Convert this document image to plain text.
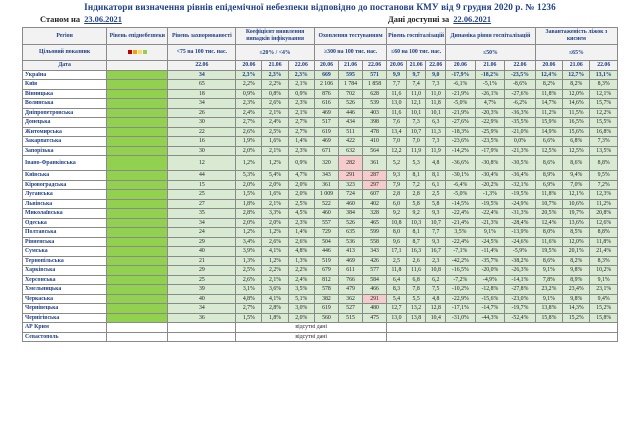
Індикатори визначення рівнів епідемічної небезпеки відповідно до постанови КМУ від 9 грудня 2020 р. № 1236
Станом на 23.06.2021	Дані доступні за 22.06.2021
Регіон	Рівень епіднебезпеки	Рівень захворюваності	Коефіцієнт виявлення випадків інфікування			Охоплення тестуванням			Рівень госпіталізацій			Динаміка рівня госпіталізацій			Завантаженість ліжок з киснем		
Цільовий показник		<75 на 100 тис. нас.	≤20% / <4%			≥300 на 100 тис. нас.			≤60 на 100 тис. нас.			≤50%			≤65%		
Дата		22.06	20.06	21.06	22.06	20.06	21.06	22.06	20.06	21.06	22.06	20.06	21.06	22.06	20.06	21.06	22.06
Україна		34	2,3%	2,3%	2,3%	669	595	571	9,9	9,7	9,0	-17,9%	-18,2%	-23,5%	12,4%	12,7%	13,1%
Київ		65	2,2%	2,2%	2,1%	2 106	1 784	1 858	7,7	7,4	7,3	-6,1%	-5,1%	-8,6%	8,2%	8,2%	8,3%
Вінницька		18	0,9%	0,8%	0,9%	876	702	628	11,6	11,0	11,0	-21,9%	-26,1%	-27,6%	11,8%	12,0%	12,1%
Волинська		34	2,3%	2,6%	2,3%	616	526	539	13,0	12,1	11,8	-5,0%	4,7%	-6,2%	14,7%	14,6%	15,7%
Дніпропетровська		26	2,4%	2,1%	2,1%	469	446	403	11,6	10,1	10,1	-21,9%	-20,3%	-36,3%	11,2%	11,5%	12,2%
Донецька		30	2,7%	2,4%	2,7%	517	434	398	7,6	7,3	6,3	-27,6%	-22,9%	-35,5%	15,9%	16,5%	15,5%
Житомирська		22	2,6%	2,5%	2,7%	619	511	478	13,4	10,7	11,3	-18,3%	-25,9%	-21,0%	14,9%	15,6%	16,8%
Закарпатська		16	1,9%	1,6%	1,4%	469	422	410	7,0	7,0	7,3	-23,6%	-23,5%	0,0%	6,6%	6,8%	7,3%
Запорізька		30	2,0%	2,1%	2,3%	671	632	564	12,2	11,9	11,9	-14,2%	-17,9%	-21,3%	12,5%	12,5%	13,5%
Івано-Франківська		12	1,2%	1,2%	0,9%	320	282	361	5,2	5,3	4,8	-36,6%	-30,8%	-30,5%	8,6%	8,6%	8,8%
Київська		44	5,3%	5,4%	4,7%	343	291	287	9,3	8,1	8,1	-30,1%	-30,4%	-36,4%	8,9%	9,4%	9,5%
Кіровоградська		15	2,0%	2,0%	2,0%	361	323	297	7,9	7,2	6,1	-6,4%	-20,2%	-32,1%	6,9%	7,0%	7,2%
Луганська		25	1,5%	1,6%	2,0%	1 009	724	607	2,8	2,8	2,5	-5,0%	-1,3%	-19,5%	11,8%	12,1%	12,3%
Львівська		27	1,8%	2,1%	2,5%	522	460	402	6,0	5,8	5,8	-14,5%	-19,5%	-24,9%	10,7%	10,6%	11,2%
Миколаївська		35	2,8%	3,3%	4,5%	460	384	328	9,2	9,2	9,3	-22,4%	-22,4%	-31,3%	20,5%	19,7%	20,8%
Одеська		34	2,0%	2,0%	2,3%	557	526	465	10,8	10,3	10,7	-21,4%	-21,3%	-28,4%	12,4%	13,6%	12,6%
Полтавська		24	1,2%	1,2%	1,4%	729	635	599	8,0	8,1	7,7	3,5%	9,1%	-13,9%	8,0%	8,5%	8,8%
Рівненська		29	3,4%	2,6%	2,6%	504	536	558	9,6	8,7	9,3	-22,4%	-24,5%	-24,6%	11,6%	12,0%	11,8%
Сумська		40	3,9%	4,1%	4,8%	446	413	343	17,1	16,3	16,7	-7,1%	-11,4%	-5,9%	19,5%	20,1%	21,4%
Тернопільська		21	1,3%	1,2%	1,3%	519	469	426	2,5	2,6	2,3	-42,2%	-35,7%	-38,2%	8,6%	8,2%	8,3%
Харківська		29	2,5%	2,2%	2,2%	679	611	577	11,8	11,6	10,8	-16,5%	-20,0%	-26,3%	9,1%	9,8%	10,2%
Херсонська		25	2,6%	2,1%	2,4%	812	766	584	6,4	6,8	6,2	-7,2%	-4,9%	-14,1%	7,8%	8,9%	9,1%
Хмельницька		39	3,1%	3,6%	3,5%	578	479	466	8,3	7,8	7,5	-10,2%	-12,8%	-27,8%	23,2%	23,4%	23,1%
Черкаська		40	4,8%	4,1%	5,1%	382	362	291	5,4	5,5	4,8	-22,9%	-15,6%	-23,0%	9,1%	9,8%	9,4%
Чернівецька		34	2,7%	2,8%	3,0%	619	527	480	12,7	13,2	12,8	-17,1%	-14,7%	-19,7%	13,8%	14,3%	15,2%
Чернігівська		36	1,5%	1,8%	2,0%	560	515	475	13,0	13,8	10,4	-31,0%	-44,3%	-52,4%	15,8%	15,2%	15,8%
АР Крим			відсутні дані														
Севастополь			відсутні дані														
